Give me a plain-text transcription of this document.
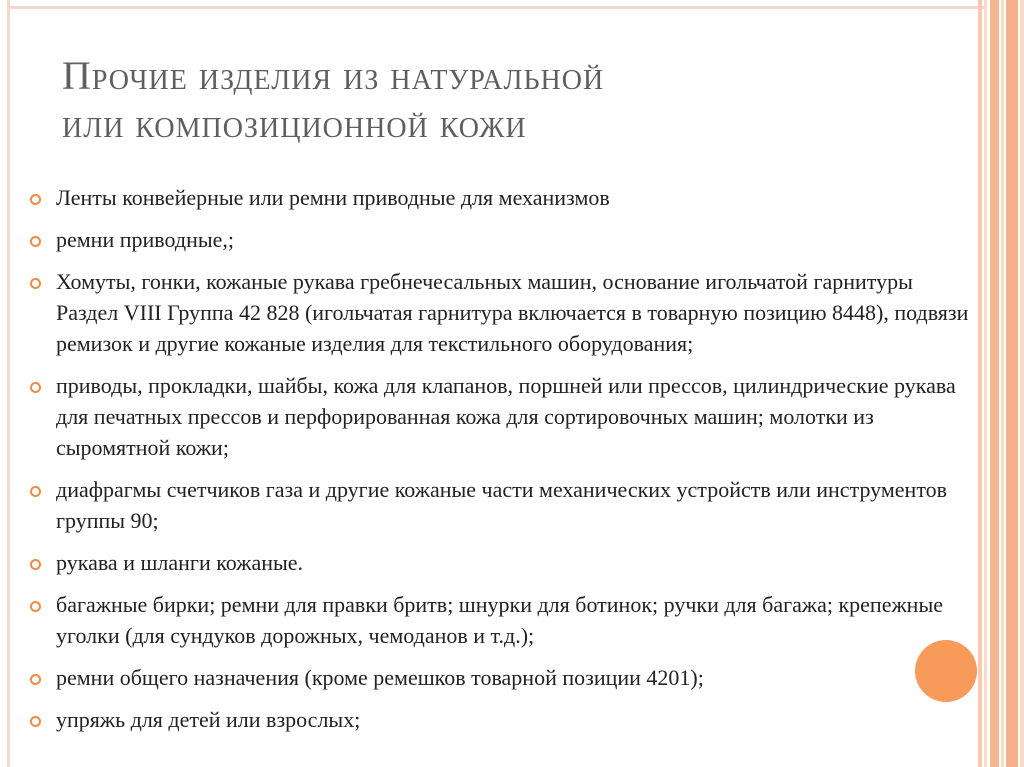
Прочие изделия из натуральной
или композиционной кожи
Ленты конвейерные или ремни приводные для механизмов
ремни приводные,;
Хомуты, гонки, кожаные рукава гребнечесальных машин, основание игольчатой гарнитуры Раздел VIII Группа 42 828 (игольчатая гарнитура включается в товарную позицию 8448), подвязи ремизок и другие кожаные изделия для текстильного оборудования;
приводы, прокладки, шайбы, кожа для клапанов, поршней или прессов, цилиндрические рукава для печатных прессов и перфорированная кожа для сортировочных машин; молотки из сыромятной кожи;
диафрагмы счетчиков газа и другие кожаные части механических устройств или инструментов группы 90;
рукава и шланги кожаные.
багажные бирки; ремни для правки бритв; шнурки для ботинок; ручки для багажа; крепежные уголки (для сундуков дорожных, чемоданов и т.д.);
ремни общего назначения (кроме ремешков товарной позиции 4201);
упряжь для детей или взрослых;
